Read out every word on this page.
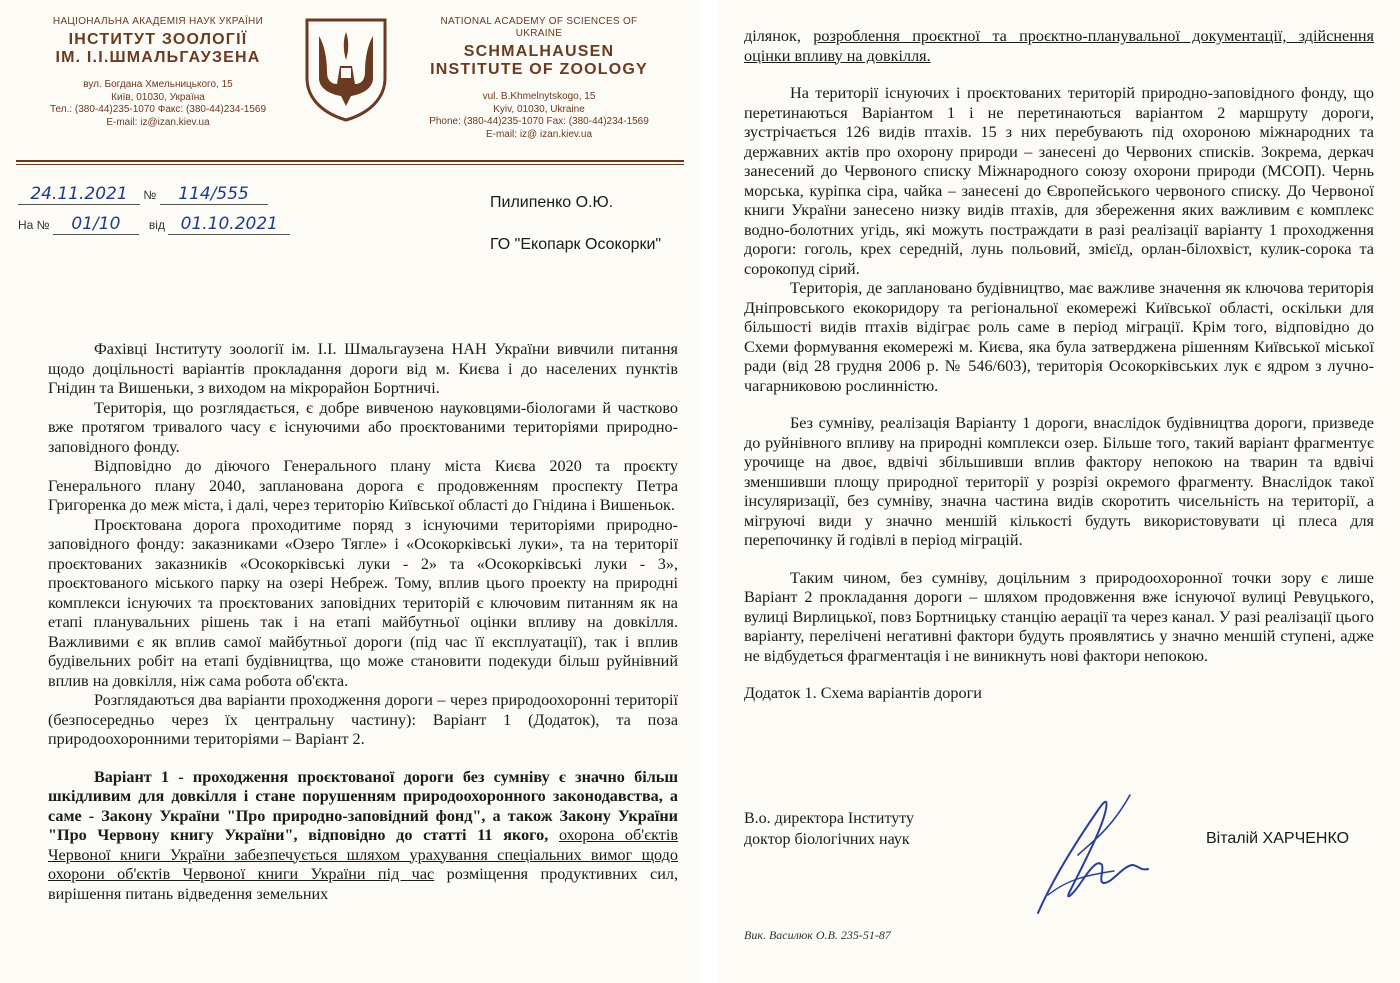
НАЦІОНАЛЬНА АКАДЕМІЯ НАУК УКРАЇНИ
ІНСТИТУТ ЗООЛОГІЇ
ІМ. І.І.ШМАЛЬГАУЗЕНА
вул. Богдана Хмельницького, 15
Київ, 01030, Україна
Тел.: (380-44)235-1070 Факс: (380-44)234-1569
E-mail: iz@izan.kiev.ua
NATIONAL ACADEMY OF SCIENCES OF UKRAINE
SCHMALHAUSEN
INSTITUTE OF ZOOLOGY
vul. B.Khmelnytskogo, 15
Kyiv, 01030, Ukraine
Phone: (380-44)235-1070 Fax: (380-44)234-1569
E-mail: iz@ izan.kiev.ua
24.11.2021 № 114/555
На № 01/10 від 01.10.2021
Пилипенко О.Ю.
ГО "Екопарк Осокорки"

Фахівці Інституту зоології ім. І.І. Шмальгаузена НАН України вивчили питання щодо доцільності варіантів прокладання дороги від м. Києва і до населених пунктів Гнідин та Вишеньки, з виходом на мікрорайон Бортничі.

Територія, що розглядається, є добре вивченою науковцями-біологами й частково вже протягом тривалого часу є існуючими або проєктованими територіями природно-заповідного фонду.

Відповідно до діючого Генерального плану міста Києва 2020 та проєкту Генерального плану 2040, запланована дорога є продовженням проспекту Петра Григоренка до меж міста, і далі, через територію Київської області до Гнідина і Вишеньок.

Проєктована дорога проходитиме поряд з існуючими територіями природно-заповідного фонду: заказниками «Озеро Тягле» і «Осокорківські луки», та на території проєктованих заказників «Осокорківські луки - 2» та «Осокорківські луки - 3», проєктованого міського парку на озері Небреж. Тому, вплив цього проекту на природні комплекси існуючих та проєктованих заповідних територій є ключовим питанням як на етапі планувальних рішень так і на етапі майбутньої оцінки впливу на довкілля. Важливими є як вплив самої майбутньої дороги (під час її експлуатації), так і вплив будівельних робіт на етапі будівництва, що може становити подекуди більш руйнівний вплив на довкілля, ніж сама робота об'єкта.

Розглядаються два варіанти проходження дороги – через природоохоронні території (безпосередньо через їх центральну частину): Варіант 1 (Додаток), та поза природоохоронними територіями – Варіант 2.

Варіант 1 - проходження проєктованої дороги без сумніву є значно більш шкідливим для довкілля і стане порушенням природоохоронного законодавства, а саме - Закону України "Про природно-заповідний фонд", а також Закону України "Про Червону книгу України", відповідно до статті 11 якого, охорона об'єктів Червоної книги України забезпечується шляхом урахування спеціальних вимог щодо охорони об'єктів Червоної книги України під час розміщення продуктивних сил, вирішення питань відведення земельних

ділянок, розроблення проєктної та проєктно-планувальної документації, здійснення оцінки впливу на довкілля.

На території існуючих і проєктованих територій природно-заповідного фонду, що перетинаються Варіантом 1 і не перетинаються варіантом 2 маршруту дороги, зустрічається 126 видів птахів. 15 з них перебувають під охороною міжнародних та державних актів про охорону природи – занесені до Червоних списків. Зокрема, деркач занесений до Червоного списку Міжнародного союзу охорони природи (МСОП). Чернь морська, куріпка сіра, чайка – занесені до Європейського червоного списку. До Червоної книги України занесено низку видів птахів, для збереження яких важливим є комплекс водно-болотних угідь, які можуть постраждати в разі реалізації варіанту 1 проходження дороги: гоголь, крех середній, лунь польовий, змієїд, орлан-білохвіст, кулик-сорока та сорокопуд сірий.

Територія, де заплановано будівництво, має важливе значення як ключова територія Дніпровського екокоридору та регіональної екомережі Київської області, оскільки для більшості видів птахів відіграє роль саме в період міграції. Крім того, відповідно до Схеми формування екомережі м. Києва, яка була затверджена рішенням Київської міської ради (від 28 грудня 2006 р. № 546/603), територія Осокорківських лук є ядром з лучно-чагарниковою рослинністю.

Без сумніву, реалізація Варіанту 1 дороги, внаслідок будівництва дороги, призведе до руйнівного впливу на природні комплекси озер. Більше того, такий варіант фрагментує урочище на двоє, вдвічі збільшивши вплив фактору непокою на тварин та вдвічі зменшивши площу природної території у розрізі окремого фрагменту. Внаслідок такої інсуляризації, без сумніву, значна частина видів скоротить чисельність на території, а мігруючі види у значно меншій кількості будуть використовувати ці плеса для перепочинку й годівлі в період міграцій.

Таким чином, без сумніву, доцільним з природоохоронної точки зору є лише Варіант 2 прокладання дороги – шляхом продовження вже існуючої вулиці Ревуцького, вулиці Вирлицької, повз Бортницьку станцію аерації та через канал. У разі реалізації цього варіанту, перелічені негативні фактори будуть проявлятись у значно меншій ступені, адже не відбудеться фрагментація і не виникнуть нові фактори непокою.

Додаток 1. Схема варіантів дороги

В.о. директора Інституту
доктор біологічних наук	Віталій ХАРЧЕНКО
Вик. Василюк О.В. 235-51-87
